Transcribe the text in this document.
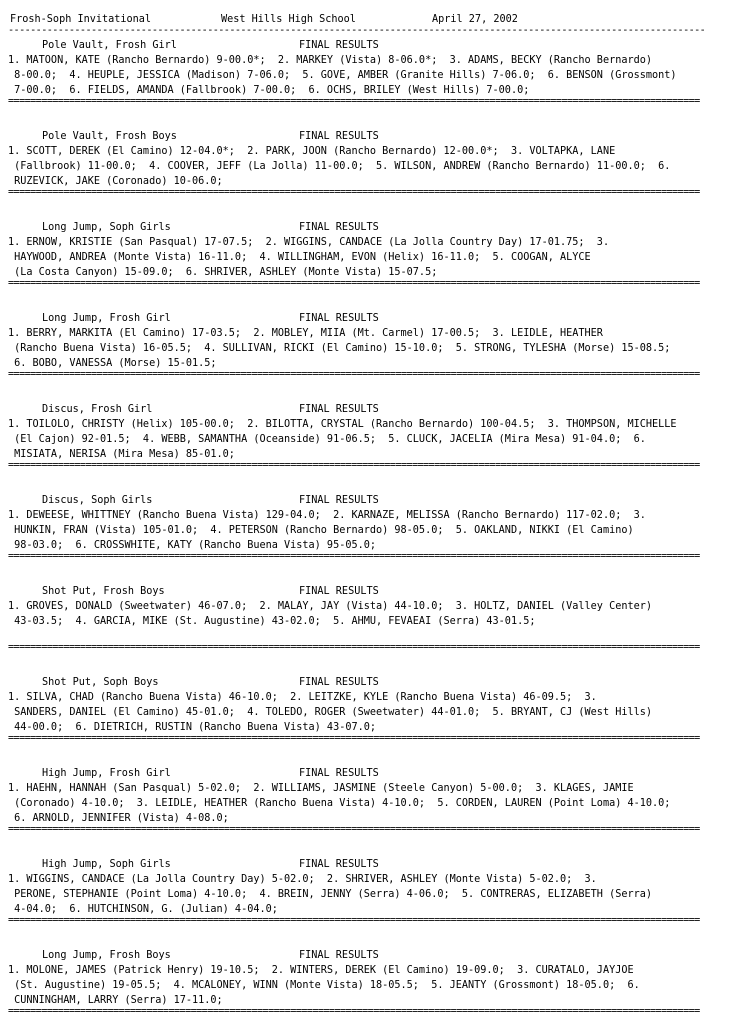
Frosh-Soph Invitational

	West Hills High School

	April 27, 2002

------------------------------------------------------------------------------------------------------------------------------
Pole Vault, Frosh Girl	FINAL RESULTS
1. MATOON, KATE (Rancho Bernardo) 9-00.0*;  2. MARKEY (Vista) 8-06.0*;  3. ADAMS, BECKY (Rancho Bernardo)
8-00.0;  4. HEUPLE, JESSICA (Madison) 7-06.0;  5. GOVE, AMBER (Granite Hills) 7-06.0;  6. BENSON (Grossmont)
7-00.0;  6. FIELDS, AMANDA (Fallbrook) 7-00.0;  6. OCHS, BRILEY (West Hills) 7-00.0;
=============================================================================================================================
Pole Vault, Frosh Boys	FINAL RESULTS
1. SCOTT, DEREK (El Camino) 12-04.0*;  2. PARK, JOON (Rancho Bernardo) 12-00.0*;  3. VOLTAPKA, LANE
(Fallbrook) 11-00.0;  4. COOVER, JEFF (La Jolla) 11-00.0;  5. WILSON, ANDREW (Rancho Bernardo) 11-00.0;  6.
RUZEVICK, JAKE (Coronado) 10-06.0;
=============================================================================================================================
Long Jump, Soph Girls	FINAL RESULTS
1. ERNOW, KRISTIE (San Pasqual) 17-07.5;  2. WIGGINS, CANDACE (La Jolla Country Day) 17-01.75;  3.
HAYWOOD, ANDREA (Monte Vista) 16-11.0;  4. WILLINGHAM, EVON (Helix) 16-11.0;  5. COOGAN, ALYCE
(La Costa Canyon) 15-09.0;  6. SHRIVER, ASHLEY (Monte Vista) 15-07.5;
=============================================================================================================================
Long Jump, Frosh Girl	FINAL RESULTS
1. BERRY, MARKITA (El Camino) 17-03.5;  2. MOBLEY, MIIA (Mt. Carmel) 17-00.5;  3. LEIDLE, HEATHER
(Rancho Buena Vista) 16-05.5;  4. SULLIVAN, RICKI (El Camino) 15-10.0;  5. STRONG, TYLESHA (Morse) 15-08.5;
6. BOBO, VANESSA (Morse) 15-01.5;
=============================================================================================================================
Discus, Frosh Girl	FINAL RESULTS
1. TOILOLO, CHRISTY (Helix) 105-00.0;  2. BILOTTA, CRYSTAL (Rancho Bernardo) 100-04.5;  3. THOMPSON, MICHELLE
(El Cajon) 92-01.5;  4. WEBB, SAMANTHA (Oceanside) 91-06.5;  5. CLUCK, JACELIA (Mira Mesa) 91-04.0;  6.
MISIATA, NERISA (Mira Mesa) 85-01.0;
=============================================================================================================================
Discus, Soph Girls	FINAL RESULTS
1. DEWEESE, WHITTNEY (Rancho Buena Vista) 129-04.0;  2. KARNAZE, MELISSA (Rancho Bernardo) 117-02.0;  3.
HUNKIN, FRAN (Vista) 105-01.0;  4. PETERSON (Rancho Bernardo) 98-05.0;  5. OAKLAND, NIKKI (El Camino)
98-03.0;  6. CROSSWHITE, KATY (Rancho Buena Vista) 95-05.0;
=============================================================================================================================
Shot Put, Frosh Boys	FINAL RESULTS
1. GROVES, DONALD (Sweetwater) 46-07.0;  2. MALAY, JAY (Vista) 44-10.0;  3. HOLTZ, DANIEL (Valley Center)
43-03.5;  4. GARCIA, MIKE (St. Augustine) 43-02.0;  5. AHMU, FEVAEAI (Serra) 43-01.5;
=============================================================================================================================
Shot Put, Soph Boys	FINAL RESULTS
1. SILVA, CHAD (Rancho Buena Vista) 46-10.0;  2. LEITZKE, KYLE (Rancho Buena Vista) 46-09.5;  3.
SANDERS, DANIEL (El Camino) 45-01.0;  4. TOLEDO, ROGER (Sweetwater) 44-01.0;  5. BRYANT, CJ (West Hills)
44-00.0;  6. DIETRICH, RUSTIN (Rancho Buena Vista) 43-07.0;
=============================================================================================================================
High Jump, Frosh Girl	FINAL RESULTS
1. HAEHN, HANNAH (San Pasqual) 5-02.0;  2. WILLIAMS, JASMINE (Steele Canyon) 5-00.0;  3. KLAGES, JAMIE
(Coronado) 4-10.0;  3. LEIDLE, HEATHER (Rancho Buena Vista) 4-10.0;  5. CORDEN, LAUREN (Point Loma) 4-10.0;
6. ARNOLD, JENNIFER (Vista) 4-08.0;
=============================================================================================================================
High Jump, Soph Girls	FINAL RESULTS
1. WIGGINS, CANDACE (La Jolla Country Day) 5-02.0;  2. SHRIVER, ASHLEY (Monte Vista) 5-02.0;  3.
PERONE, STEPHANIE (Point Loma) 4-10.0;  4. BREIN, JENNY (Serra) 4-06.0;  5. CONTRERAS, ELIZABETH (Serra)
4-04.0;  6. HUTCHINSON, G. (Julian) 4-04.0;
=============================================================================================================================
Long Jump, Frosh Boys	FINAL RESULTS
1. MOLONE, JAMES (Patrick Henry) 19-10.5;  2. WINTERS, DEREK (El Camino) 19-09.0;  3. CURATALO, JAYJOE
(St. Augustine) 19-05.5;  4. MCALONEY, WINN (Monte Vista) 18-05.5;  5. JEANTY (Grossmont) 18-05.0;  6.
CUNNINGHAM, LARRY (Serra) 17-11.0;
=============================================================================================================================
